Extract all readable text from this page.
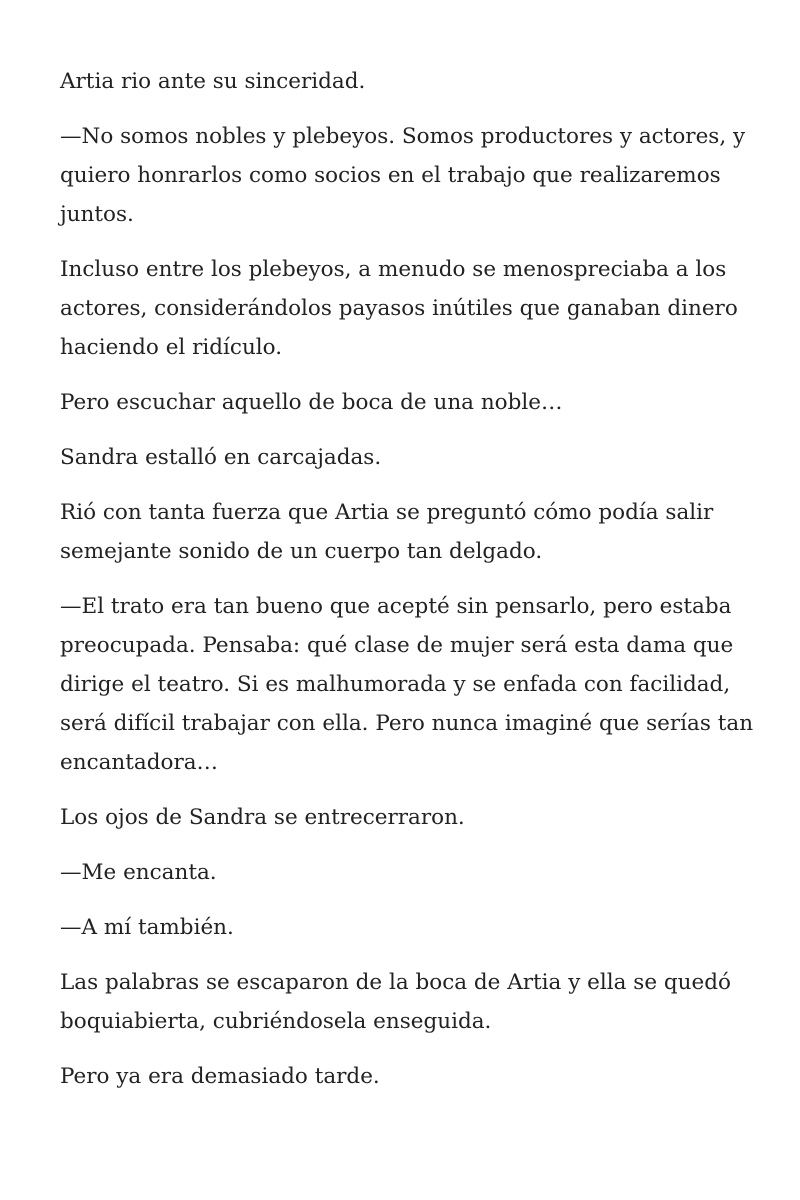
Artia rio ante su sinceridad.

—No somos nobles y plebeyos. Somos productores y actores, y quiero honrarlos como socios en el trabajo que realizaremos juntos.

Incluso entre los plebeyos, a menudo se menospreciaba a los actores, considerándolos payasos inútiles que ganaban dinero haciendo el ridículo.

Pero escuchar aquello de boca de una noble…

Sandra estalló en carcajadas.

Rió con tanta fuerza que Artia se preguntó cómo podía salir semejante sonido de un cuerpo tan delgado.

—El trato era tan bueno que acepté sin pensarlo, pero estaba preocupada. Pensaba: qué clase de mujer será esta dama que dirige el teatro. Si es malhumorada y se enfada con facilidad, será difícil trabajar con ella. Pero nunca imaginé que serías tan encantadora…

Los ojos de Sandra se entrecerraron.

—Me encanta.

—A mí también.

Las palabras se escaparon de la boca de Artia y ella se quedó boquiabierta, cubriéndosela enseguida.

Pero ya era demasiado tarde.
